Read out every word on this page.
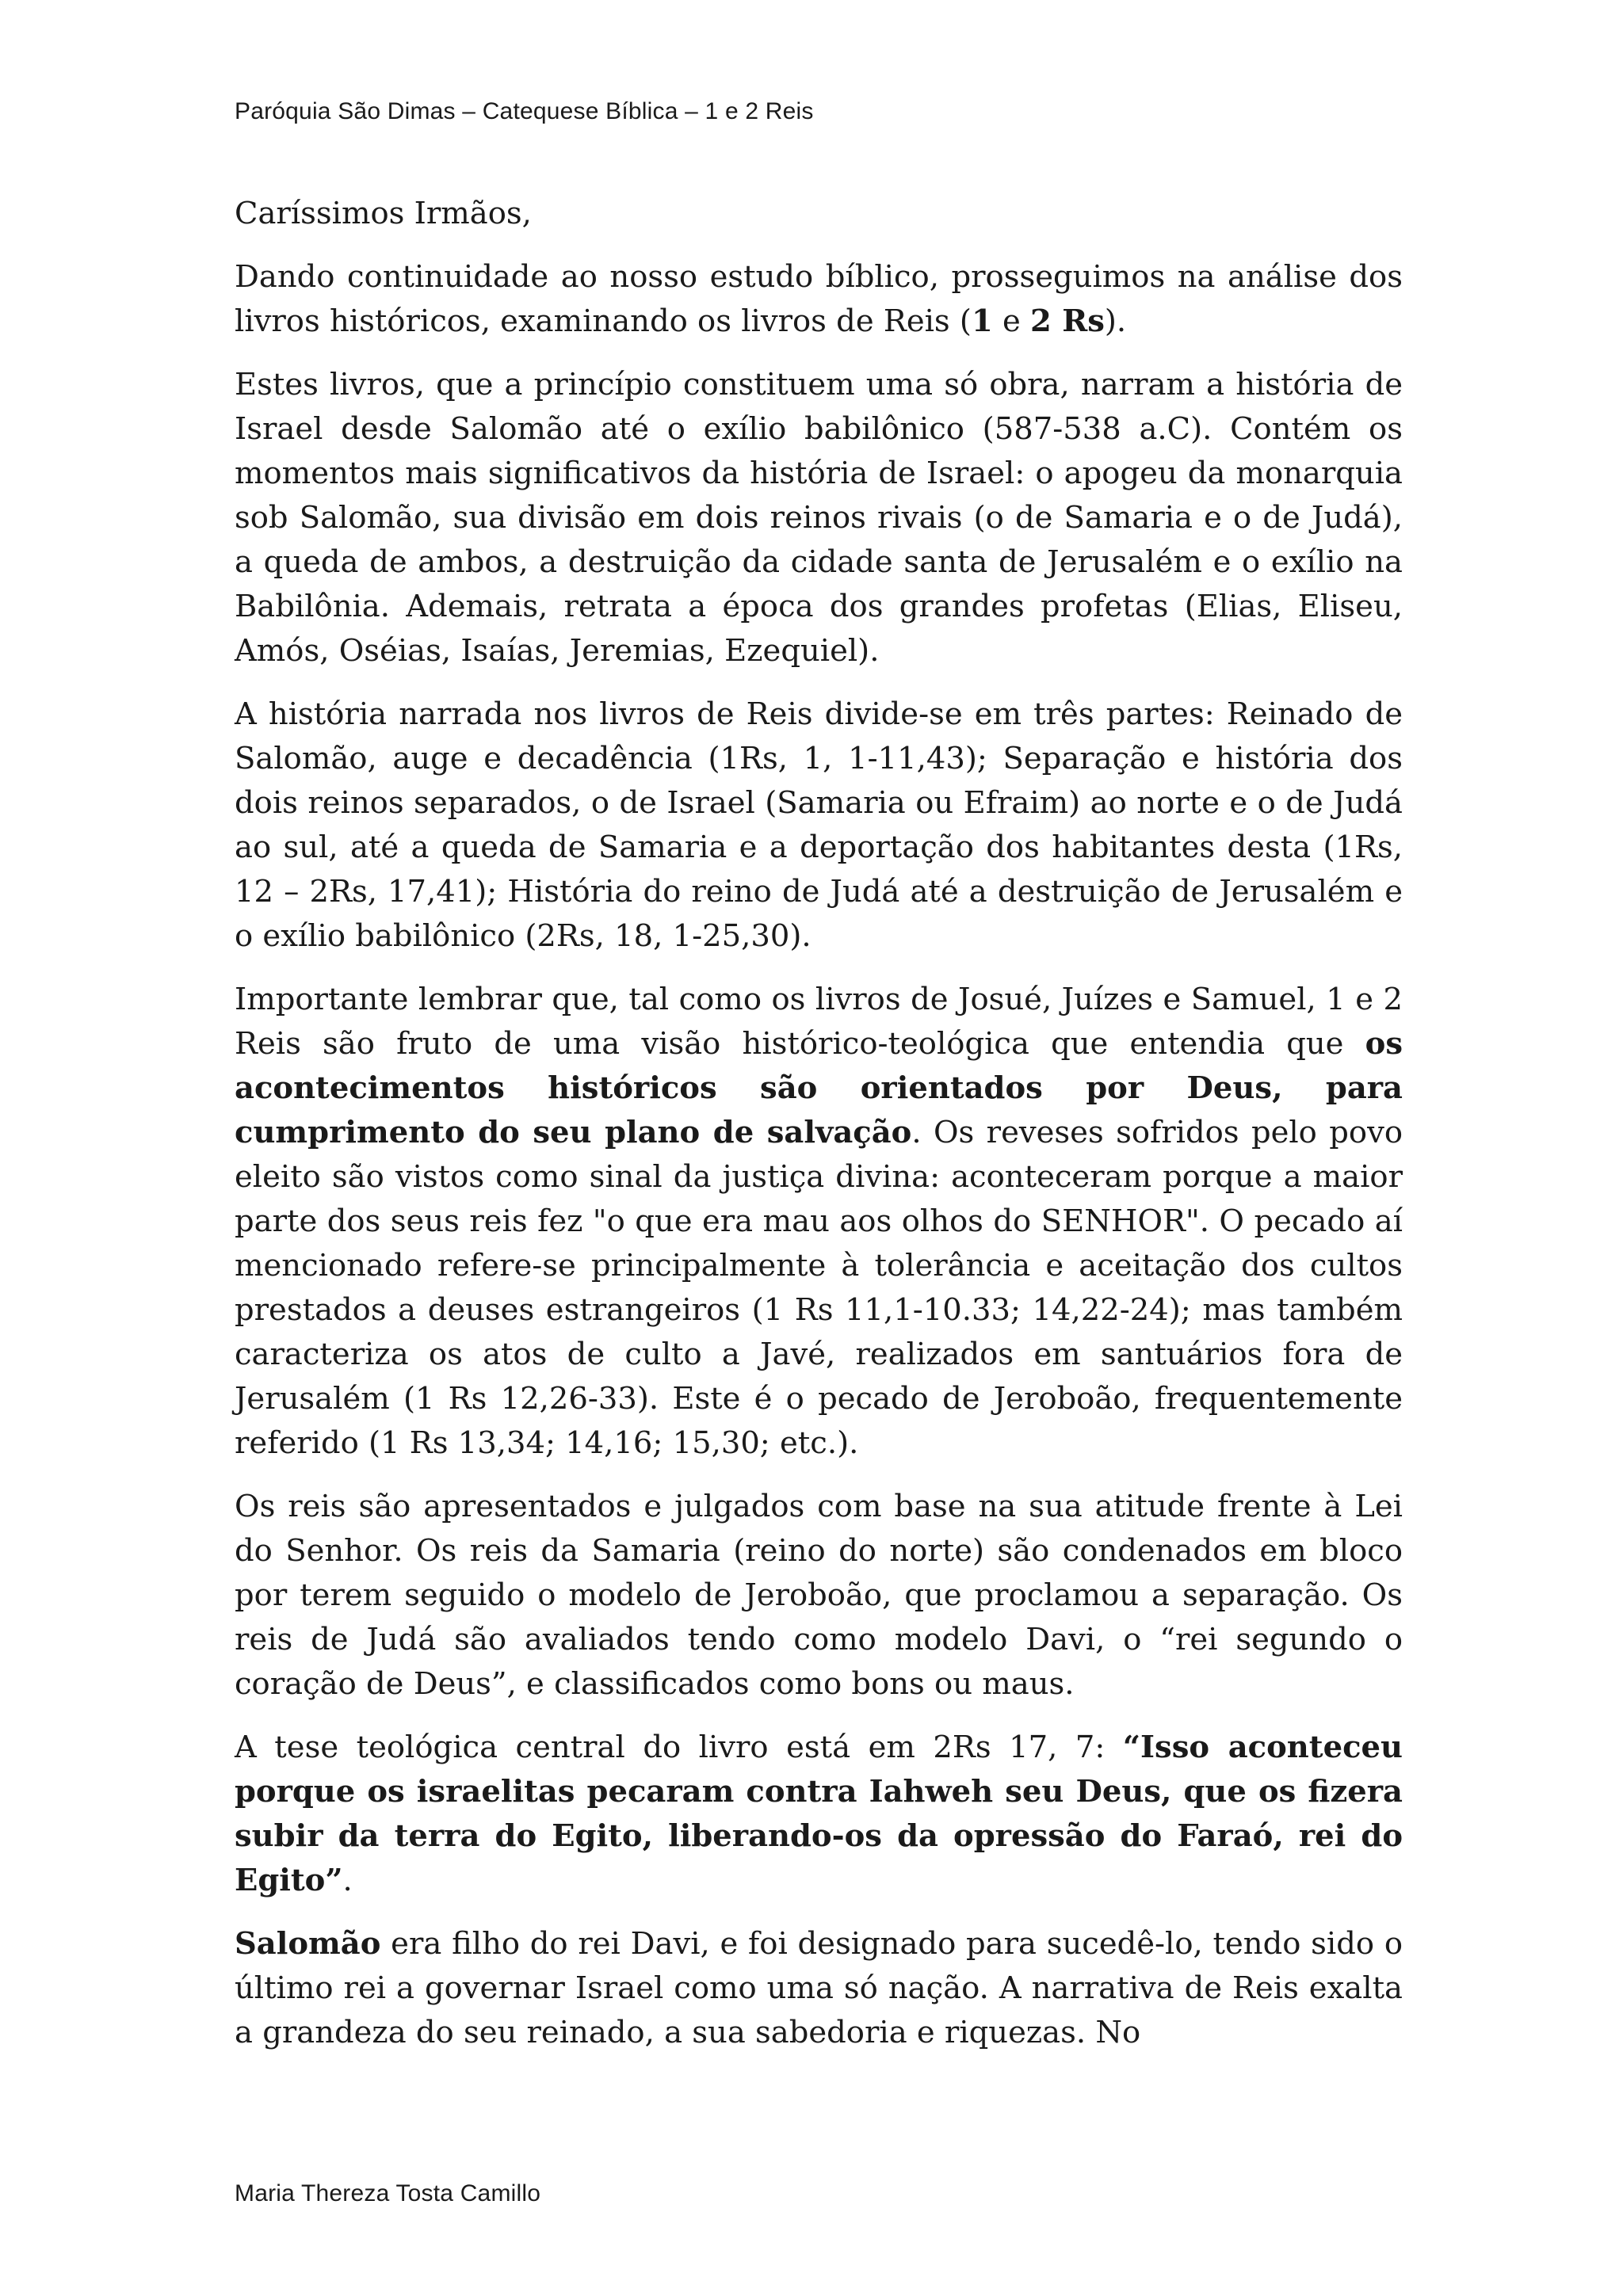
Paróquia São Dimas – Catequese Bíblica – 1 e 2 Reis

Caríssimos Irmãos,

Dando continuidade ao nosso estudo bíblico, prosseguimos na análise dos livros históricos, examinando os livros de Reis (1 e 2 Rs).

Estes livros, que a princípio constituem uma só obra, narram a história de Israel desde Salomão até o exílio babilônico (587-538 a.C). Contém os momentos mais significativos da história de Israel: o apogeu da monarquia sob Salomão, sua divisão em dois reinos rivais (o de Samaria e o de Judá), a queda de ambos, a destruição da cidade santa de Jerusalém e o exílio na Babilônia. Ademais, retrata a época dos grandes profetas (Elias, Eliseu, Amós, Oséias, Isaías, Jeremias, Ezequiel).

A história narrada nos livros de Reis divide-se em três partes: Reinado de Salomão, auge e decadência (1Rs, 1, 1-11,43); Separação e história dos dois reinos separados, o de Israel (Samaria ou Efraim) ao norte e o de Judá ao sul, até a queda de Samaria e a deportação dos habitantes desta (1Rs, 12 – 2Rs, 17,41); História do reino de Judá até a destruição de Jerusalém e o exílio babilônico (2Rs, 18, 1-25,30).

Importante lembrar que, tal como os livros de Josué, Juízes e Samuel, 1 e 2 Reis são fruto de uma visão histórico-teológica que entendia que os acontecimentos históricos são orientados por Deus, para cumprimento do seu plano de salvação. Os reveses sofridos pelo povo eleito são vistos como sinal da justiça divina: aconteceram porque a maior parte dos seus reis fez "o que era mau aos olhos do SENHOR". O pecado aí mencionado refere-se principalmente à tolerância e aceitação dos cultos prestados a deuses estrangeiros (1 Rs 11,1-10.33; 14,22-24); mas também caracteriza os atos de culto a Javé, realizados em santuários fora de Jerusalém (1 Rs 12,26-33). Este é o pecado de Jeroboão, frequentemente referido (1 Rs 13,34; 14,16; 15,30; etc.).

Os reis são apresentados e julgados com base na sua atitude frente à Lei do Senhor. Os reis da Samaria (reino do norte) são condenados em bloco por terem seguido o modelo de Jeroboão, que proclamou a separação. Os reis de Judá são avaliados tendo como modelo Davi, o “rei segundo o coração de Deus”, e classificados como bons ou maus.

A tese teológica central do livro está em 2Rs 17, 7: “Isso aconteceu porque os israelitas pecaram contra Iahweh seu Deus, que os fizera subir da terra do Egito, liberando-os da opressão do Faraó, rei do Egito”.

Salomão era filho do rei Davi, e foi designado para sucedê-lo, tendo sido o último rei a governar Israel como uma só nação. A narrativa de Reis exalta a grandeza do seu reinado, a sua sabedoria e riquezas. No

Maria Thereza Tosta Camillo
